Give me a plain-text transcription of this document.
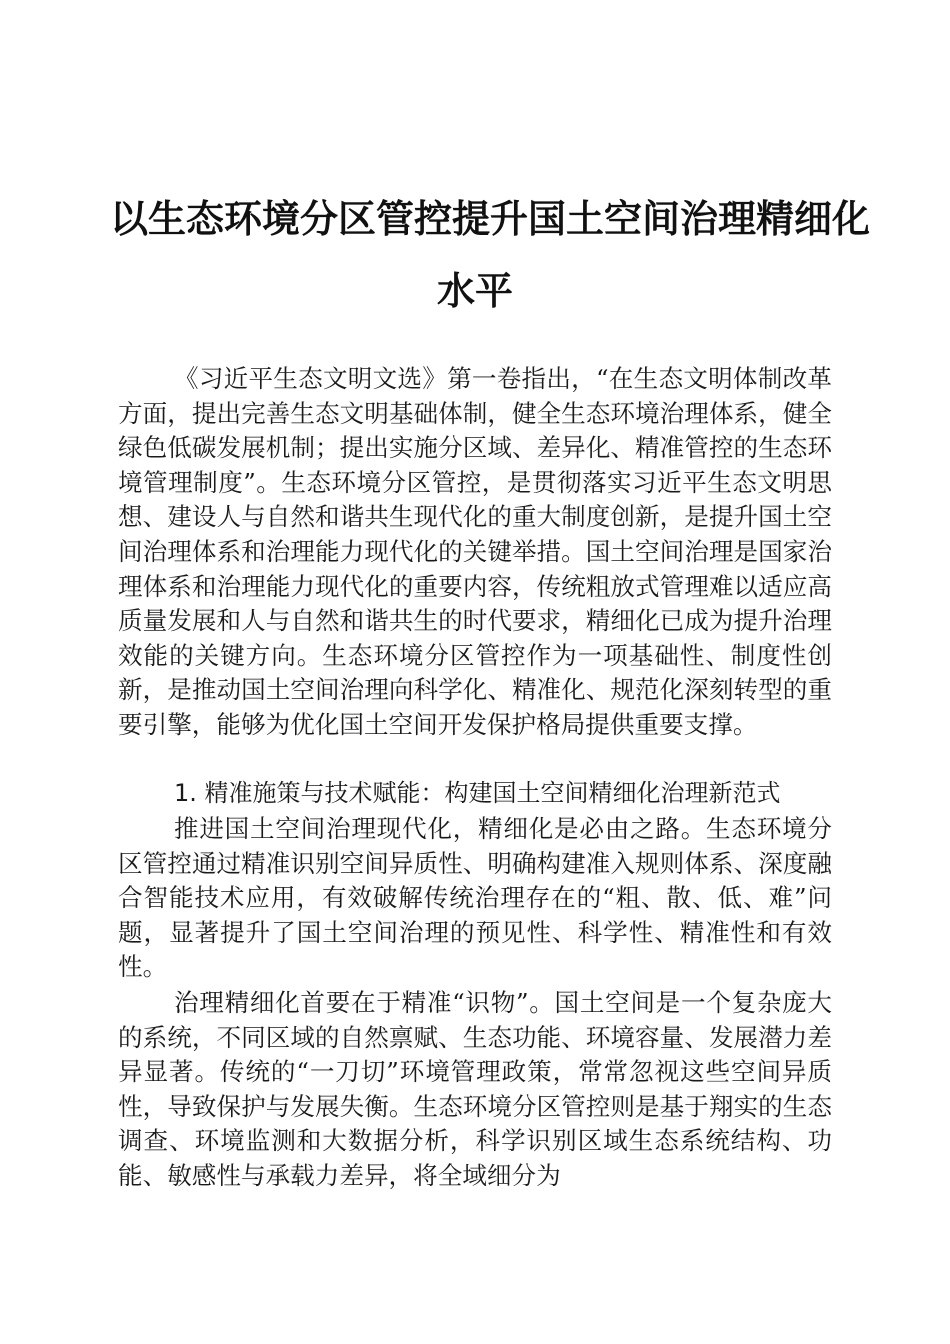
以生态环境分区管控提升国土空间治理精细化
水平

《习近平生态文明文选》第一卷指出，“在生态文明体制改革方面，提出完善生态文明基础体制，健全生态环境治理体系，健全绿色低碳发展机制；提出实施分区域、差异化、精准管控的生态环境管理制度”。生态环境分区管控，是贯彻落实习近平生态文明思想、建设人与自然和谐共生现代化的重大制度创新，是提升国土空间治理体系和治理能力现代化的关键举措。国土空间治理是国家治理体系和治理能力现代化的重要内容，传统粗放式管理难以适应高质量发展和人与自然和谐共生的时代要求，精细化已成为提升治理效能的关键方向。生态环境分区管控作为一项基础性、制度性创新，是推动国土空间治理向科学化、精准化、规范化深刻转型的重要引擎，能够为优化国土空间开发保护格局提供重要支撑。

1. 精准施策与技术赋能：构建国土空间精细化治理新范式

推进国土空间治理现代化，精细化是必由之路。生态环境分区管控通过精准识别空间异质性、明确构建准入规则体系、深度融合智能技术应用，有效破解传统治理存在的“粗、散、低、难”问题，显著提升了国土空间治理的预见性、科学性、精准性和有效性。

治理精细化首要在于精准“识物”。国土空间是一个复杂庞大的系统，不同区域的自然禀赋、生态功能、环境容量、发展潜力差异显著。传统的“一刀切”环境管理政策，常常忽视这些空间异质性，导致保护与发展失衡。生态环境分区管控则是基于翔实的生态调查、环境监测和大数据分析，科学识别区域生态系统结构、功能、敏感性与承载力差异，将全域细分为
